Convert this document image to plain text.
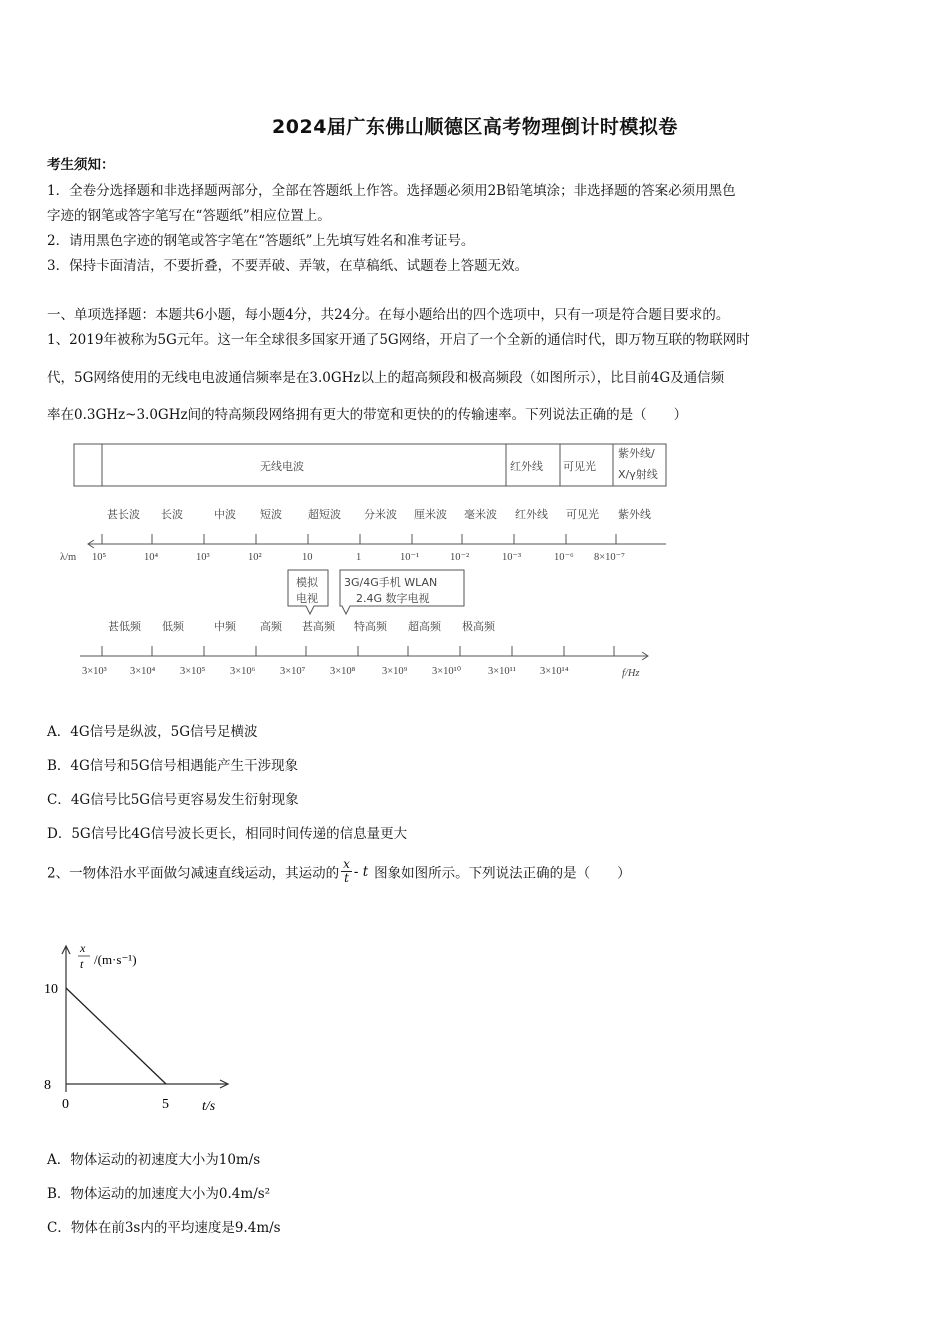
2024届广东佛山顺德区高考物理倒计时模拟卷
考生须知：
1．全卷分选择题和非选择题两部分，全部在答题纸上作答。选择题必须用2B铅笔填涂；非选择题的答案必须用黑色
字迹的钢笔或答字笔写在“答题纸”相应位置上。
2．请用黑色字迹的钢笔或答字笔在“答题纸”上先填写姓名和准考证号。
3．保持卡面清洁，不要折叠，不要弄破、弄皱，在草稿纸、试题卷上答题无效。
一、单项选择题：本题共6小题，每小题4分，共24分。在每小题给出的四个选项中，只有一项是符合题目要求的。
1、2019年被称为5G元年。这一年全球很多国家开通了5G网络，开启了一个全新的通信时代，即万物互联的物联网时
代，5G网络使用的无线电电波通信频率是在3.0GHz以上的超高频段和极高频段（如图所示），比目前4G及通信频
率在0.3GHz~3.0GHz间的特高频段网络拥有更大的带宽和更快的的传输速率。下列说法正确的是（　　）
无线电波	红外线 可见光
紫外线/
X/γ射线
甚长波 长波	中波 短波 超短波 分米波 厘米波 毫米波 红外线 可见光 紫外线
λ/m 10⁵	10⁴	10³	10²	10	1	10⁻¹	10⁻²	10⁻³	10⁻⁶ 8×10⁻⁷
模拟
电视
3G/4G手机 WLAN
2.4G 数字电视
甚低频 低频	中频 高频 甚高频 特高频 超高频 极高频
3×10³ 3×10⁴ 3×10⁵ 3×10⁶ 3×10⁷ 3×10⁸	3×10⁹ 3×10¹⁰	3×10¹¹ 3×10¹⁴	f/Hz
A．4G信号是纵波，5G信号足横波
B．4G信号和5G信号相遇能产生干涉现象
C．4G信号比5G信号更容易发生衍射现象
D．5G信号比4G信号波长更长，相同时间传递的信息量更大
2、一物体沿水平面做匀减速直线运动，其运动的 $\frac{x}{t}$ - t 图象如图所示。下列说法正确的是（　　）
10
8
0	5
x
t /(m·s⁻¹)
t/s
A．物体运动的初速度大小为10m/s
B．物体运动的加速度大小为0.4m/s²
C．物体在前3s内的平均速度是9.4m/s
